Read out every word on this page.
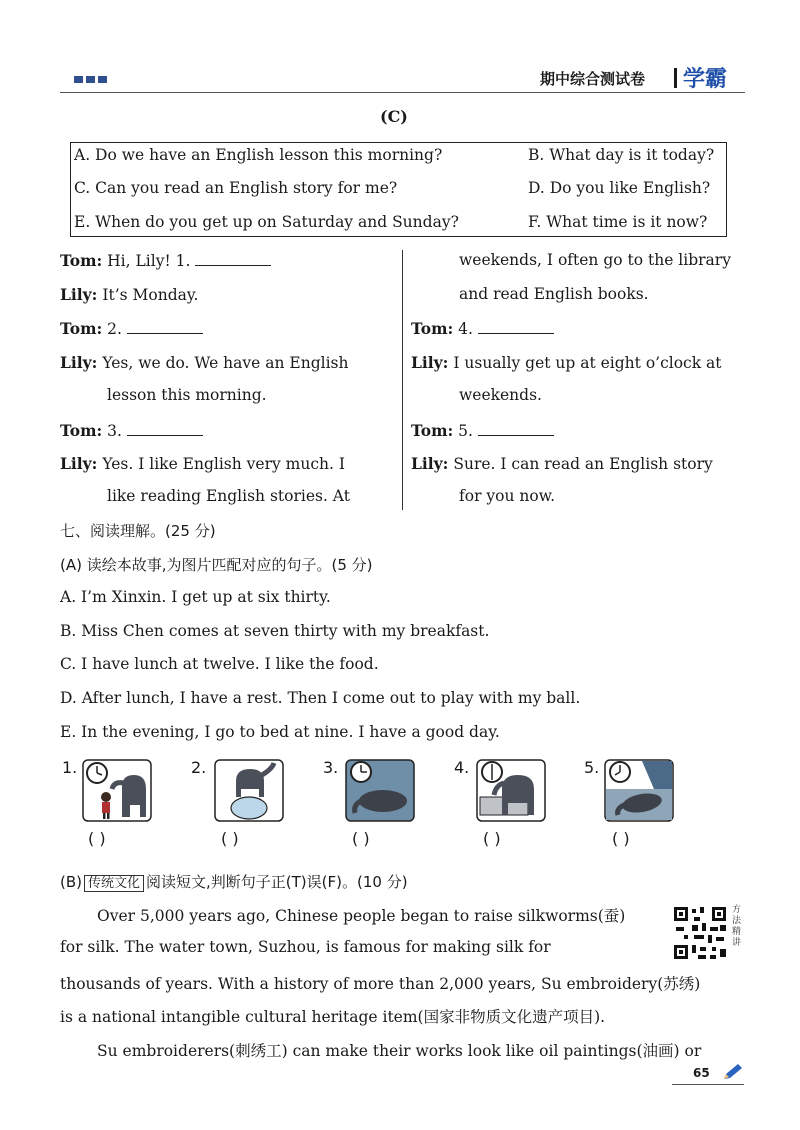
期中综合测试卷 学霸
(C)
A. Do we have an English lesson this morning?	B. What day is it today?
C. Can you read an English story for me?	D. Do you like English?
E. When do you get up on Saturday and Sunday?	F. What time is it now?
Tom: Hi, Lily! 1.
Lily: It’s Monday.
Tom: 2.
Lily: Yes, we do. We have an English
lesson this morning.
Tom: 3.
Lily: Yes. I like English very much. I
like reading English stories. At
weekends, I often go to the library
and read English books.
Tom: 4.
Lily: I usually get up at eight o’clock at
weekends.
Tom: 5.
Lily: Sure. I can read an English story
for you now.
七、阅读理解。(25 分)
(A) 读绘本故事,为图片匹配对应的句子。(5 分)
A. I’m Xinxin. I get up at six thirty.
B. Miss Chen comes at seven thirty with my breakfast.
C. I have lunch at twelve. I like the food.
D. After lunch, I have a rest. Then I come out to play with my ball.
E. In the evening, I go to bed at nine. I have a good day.
1.
( )
2.
( )
3.
( )
4.
( )
5.
( )
(B) 传统文化 阅读短文,判断句子正(T)误(F)。(10 分)
方法精讲
Over 5,000 years ago, Chinese people began to raise silkworms(蚕)
for silk. The water town, Suzhou, is famous for making silk for
thousands of years. With a history of more than 2,000 years, Su embroidery(苏绣)
is a national intangible cultural heritage item(国家非物质文化遗产项目).
Su embroiderers(刺绣工) can make their works look like oil paintings(油画) or
65
